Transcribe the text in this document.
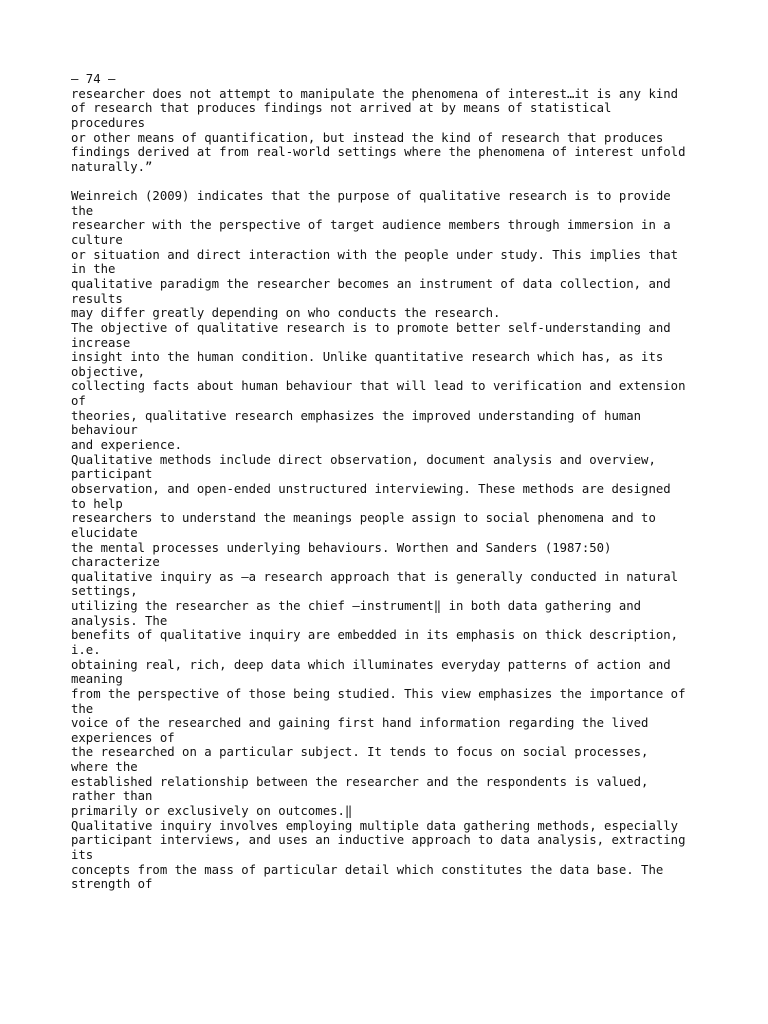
— 74 —
researcher does not attempt to manipulate the phenomena of interest…it is any kind
of research that produces findings not arrived at by means of statistical
procedures
or other means of quantification, but instead the kind of research that produces
findings derived at from real-world settings where the phenomena of interest unfold
naturally.”
Weinreich (2009) indicates that the purpose of qualitative research is to provide
the
researcher with the perspective of target audience members through immersion in a
culture
or situation and direct interaction with the people under study. This implies that
in the
qualitative paradigm the researcher becomes an instrument of data collection, and
results
may differ greatly depending on who conducts the research.
The objective of qualitative research is to promote better self-understanding and
increase
insight into the human condition. Unlike quantitative research which has, as its
objective,
collecting facts about human behaviour that will lead to verification and extension
of
theories, qualitative research emphasizes the improved understanding of human
behaviour
and experience.
Qualitative methods include direct observation, document analysis and overview,
participant
observation, and open-ended unstructured interviewing. These methods are designed
to help
researchers to understand the meanings people assign to social phenomena and to
elucidate
the mental processes underlying behaviours. Worthen and Sanders (1987:50)
characterize
qualitative inquiry as ―a research approach that is generally conducted in natural
settings,
utilizing the researcher as the chief ―instrument‖ in both data gathering and
analysis. The
benefits of qualitative inquiry are embedded in its emphasis on thick description,
i.e.
obtaining real, rich, deep data which illuminates everyday patterns of action and
meaning
from the perspective of those being studied. This view emphasizes the importance of
the
voice of the researched and gaining first hand information regarding the lived
experiences of
the researched on a particular subject. It tends to focus on social processes,
where the
established relationship between the researcher and the respondents is valued,
rather than
primarily or exclusively on outcomes.‖
Qualitative inquiry involves employing multiple data gathering methods, especially
participant interviews, and uses an inductive approach to data analysis, extracting
its
concepts from the mass of particular detail which constitutes the data base. The
strength of
